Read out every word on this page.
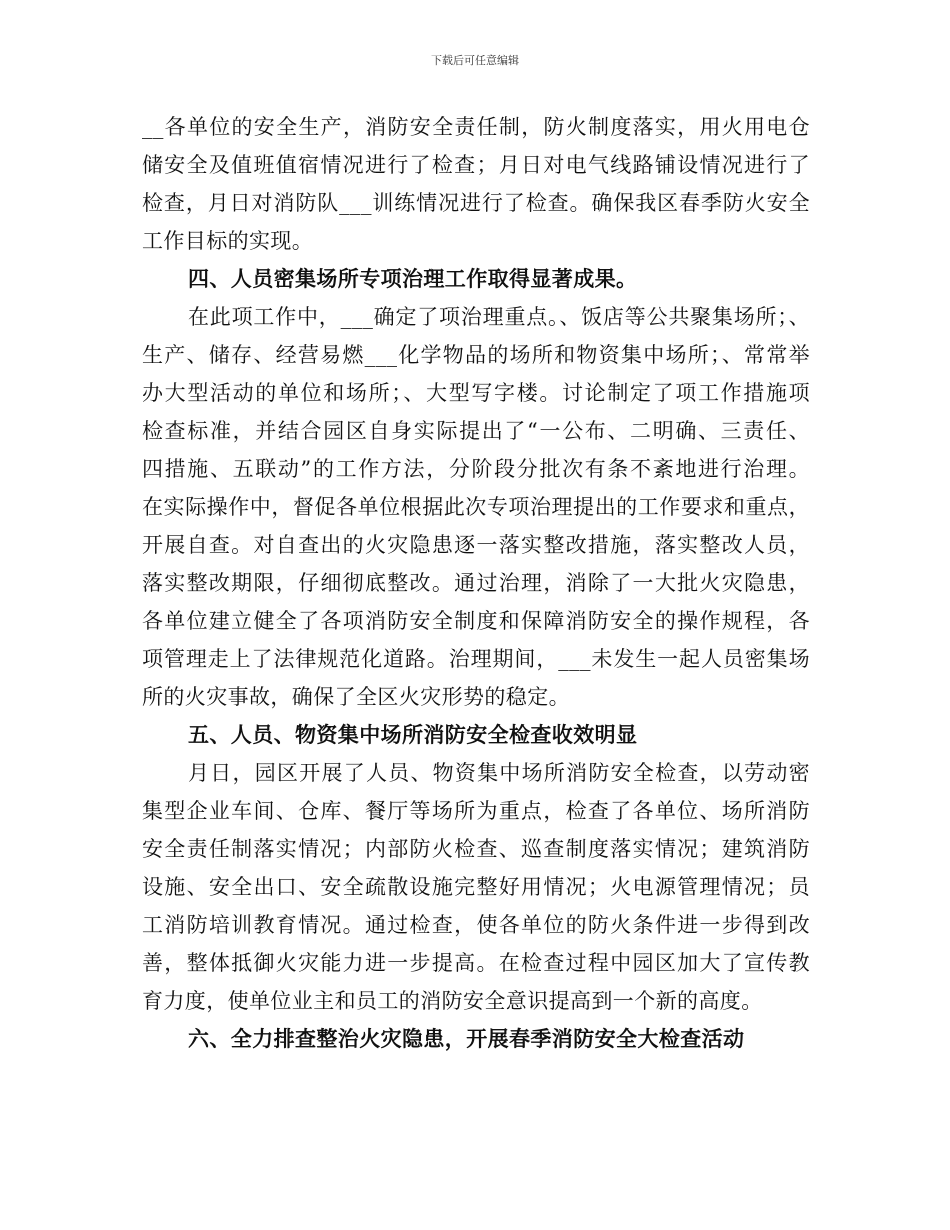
下载后可任意编辑
__各单位的安全生产，消防安全责任制，防火制度落实，用火用电仓
储安全及值班值宿情况进行了检查；月日对电气线路铺设情况进行了
检查，月日对消防队___训练情况进行了检查。确保我区春季防火安全
工作目标的实现。
四、人员密集场所专项治理工作取得显著成果。
在此项工作中，___确定了项治理重点。、饭店等公共聚集场所；、
生产、储存、经营易燃___化学物品的场所和物资集中场所；、常常举
办大型活动的单位和场所；、大型写字楼。讨论制定了项工作措施项
检查标准，并结合园区自身实际提出了“一公布、二明确、三责任、
四措施、五联动”的工作方法，分阶段分批次有条不紊地进行治理。
在实际操作中，督促各单位根据此次专项治理提出的工作要求和重点，
开展自查。对自查出的火灾隐患逐一落实整改措施，落实整改人员，
落实整改期限，仔细彻底整改。通过治理，消除了一大批火灾隐患，
各单位建立健全了各项消防安全制度和保障消防安全的操作规程，各
项管理走上了法律规范化道路。治理期间，___未发生一起人员密集场
所的火灾事故，确保了全区火灾形势的稳定。
五、人员、物资集中场所消防安全检查收效明显
月日，园区开展了人员、物资集中场所消防安全检查，以劳动密
集型企业车间、仓库、餐厅等场所为重点，检查了各单位、场所消防
安全责任制落实情况；内部防火检查、巡查制度落实情况；建筑消防
设施、安全出口、安全疏散设施完整好用情况；火电源管理情况；员
工消防培训教育情况。通过检查，使各单位的防火条件进一步得到改
善，整体抵御火灾能力进一步提高。在检查过程中园区加大了宣传教
育力度，使单位业主和员工的消防安全意识提高到一个新的高度。
六、全力排查整治火灾隐患，开展春季消防安全大检查活动
